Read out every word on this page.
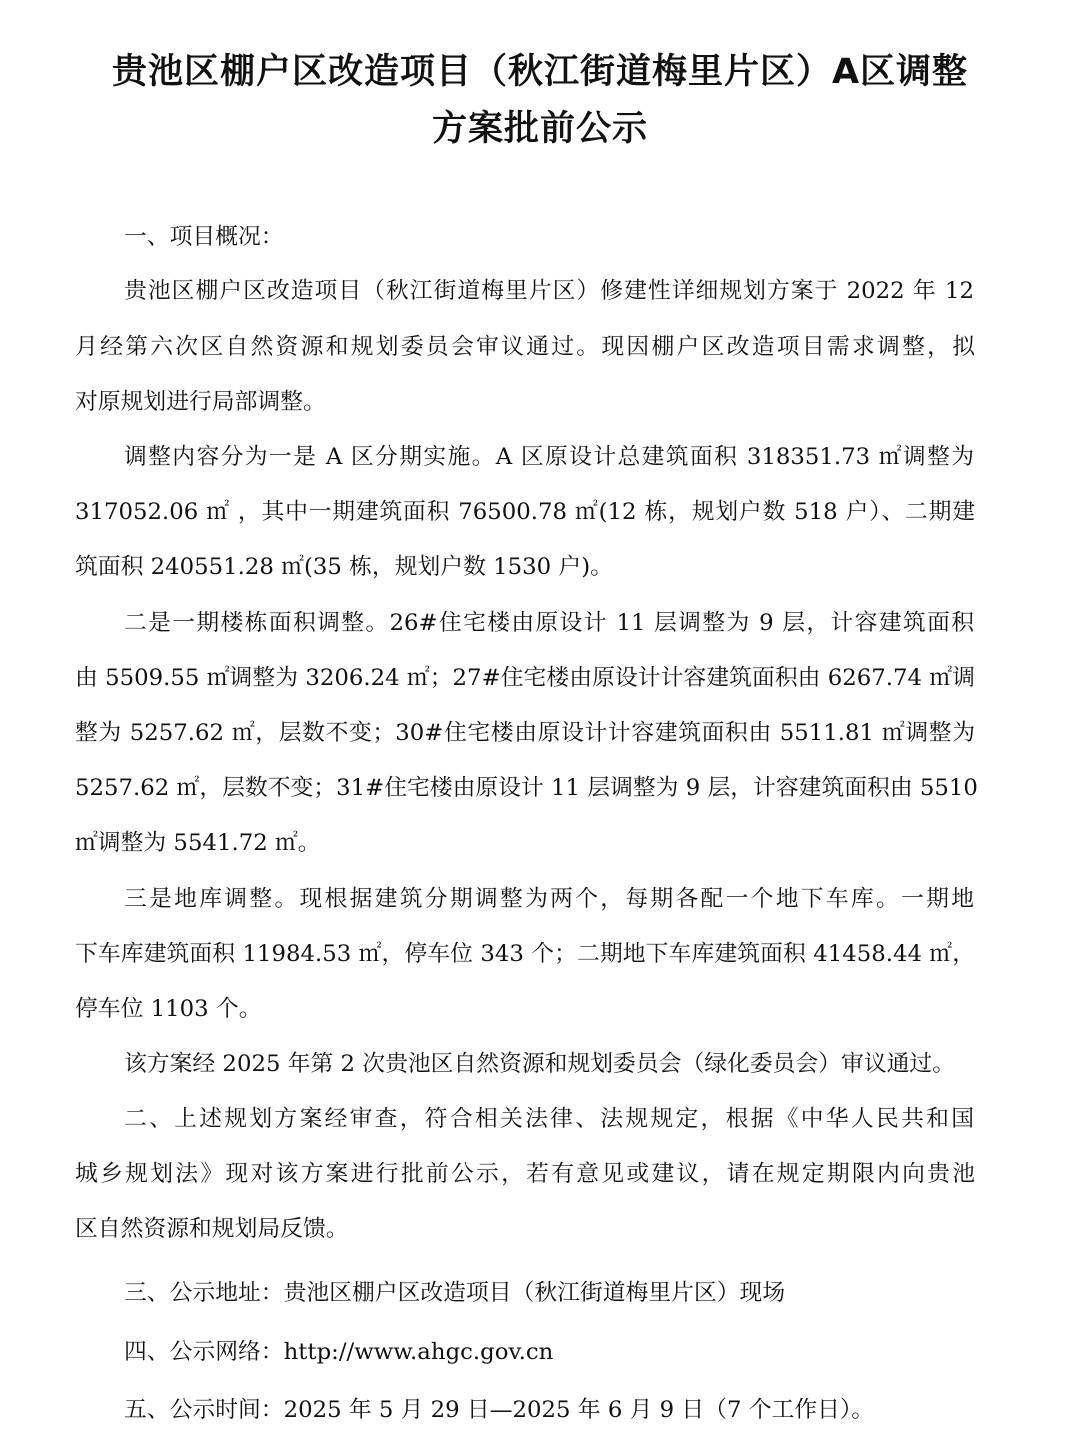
贵池区棚户区改造项目（秋江街道梅里片区）A区调整
方案批前公示
一、项目概况：
贵池区棚户区改造项目（秋江街道梅里片区）修建性详细规划方案于 2022 年 12
月经第六次区自然资源和规划委员会审议通过。现因棚户区改造项目需求调整，拟
对原规划进行局部调整。
调整内容分为一是 A 区分期实施。A 区原设计总建筑面积 318351.73 ㎡调整为
317052.06 ㎡ ，其中一期建筑面积 76500.78 ㎡(12 栋，规划户数 518 户）、二期建
筑面积 240551.28 ㎡(35 栋，规划户数 1530 户)。
二是一期楼栋面积调整。26#住宅楼由原设计 11 层调整为 9 层，计容建筑面积
由 5509.55 ㎡调整为 3206.24 ㎡；27#住宅楼由原设计计容建筑面积由 6267.74 ㎡调
整为 5257.62 ㎡，层数不变；30#住宅楼由原设计计容建筑面积由 5511.81 ㎡调整为
5257.62 ㎡，层数不变；31#住宅楼由原设计 11 层调整为 9 层，计容建筑面积由 5510
㎡调整为 5541.72 ㎡。
三是地库调整。现根据建筑分期调整为两个，每期各配一个地下车库。一期地
下车库建筑面积 11984.53 ㎡，停车位 343 个；二期地下车库建筑面积 41458.44 ㎡，
停车位 1103 个。
该方案经 2025 年第 2 次贵池区自然资源和规划委员会（绿化委员会）审议通过。
二、上述规划方案经审查，符合相关法律、法规规定，根据《中华人民共和国
城乡规划法》现对该方案进行批前公示，若有意见或建议，请在规定期限内向贵池
区自然资源和规划局反馈。
三、公示地址：贵池区棚户区改造项目（秋江街道梅里片区）现场
四、公示网络：http://www.ahgc.gov.cn
五、公示时间：2025 年 5 月 29 日—2025 年 6 月 9 日（7 个工作日）。
